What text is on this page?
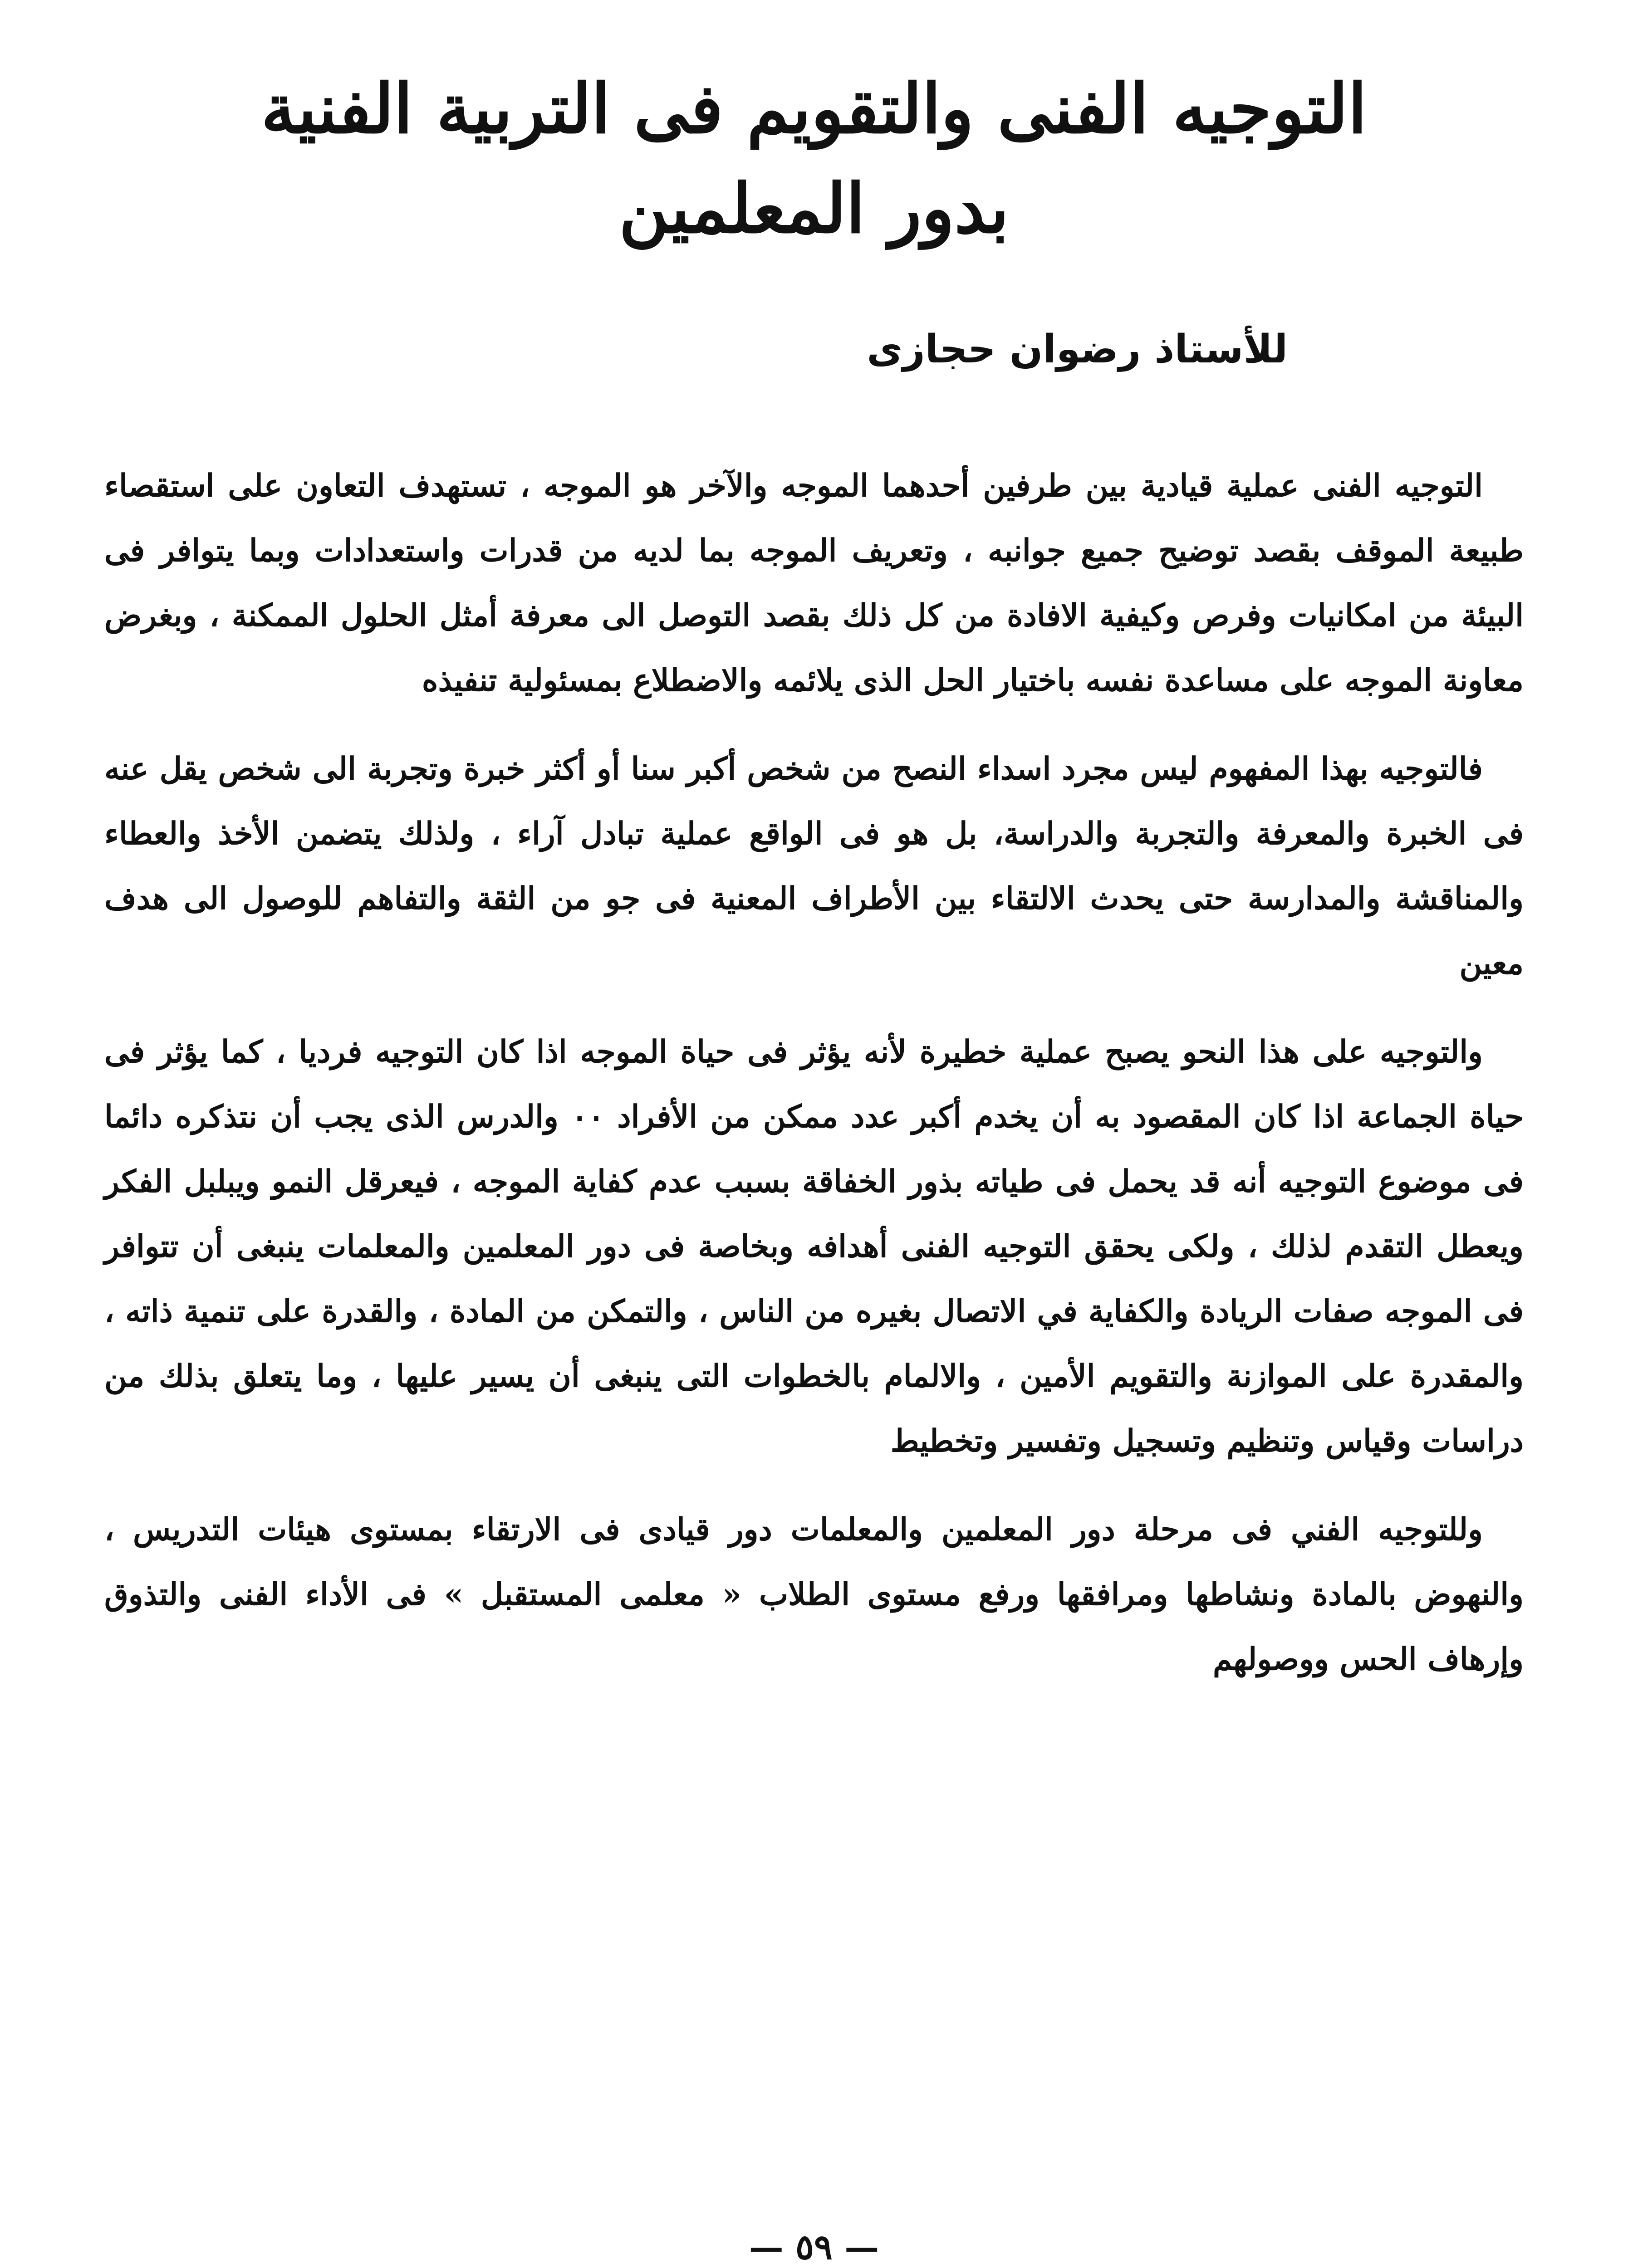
التوجيه الفنى والتقويم فى التربية الفنية
بدور المعلمين
للأستاذ رضوان حجازى

التوجيه الفنى عملية قيادية بين طرفين أحدهما الموجه والآخر هو الموجه ، تستهدف التعاون على استقصاء طبيعة الموقف بقصد توضيح جميع جوانبه ، وتعريف الموجه بما لديه من قدرات واستعدادات وبما يتوافر فى البيئة من امكانيات وفرص وكيفية الافادة من كل ذلك بقصد التوصل الى معرفة أمثل الحلول الممكنة ، وبغرض معاونة الموجه على مساعدة نفسه باختيار الحل الذى يلائمه والاضطلاع بمسئولية تنفيذه

فالتوجيه بهذا المفهوم ليس مجرد اسداء النصح من شخص أكبر سنا أو أكثر خبرة وتجربة الى شخص يقل عنه فى الخبرة والمعرفة والتجربة والدراسة، بل هو فى الواقع عملية تبادل آراء ، ولذلك يتضمن الأخذ والعطاء والمناقشة والمدارسة حتى يحدث الالتقاء بين الأطراف المعنية فى جو من الثقة والتفاهم للوصول الى هدف معين

والتوجيه على هذا النحو يصبح عملية خطيرة لأنه يؤثر فى حياة الموجه اذا كان التوجيه فرديا ، كما يؤثر فى حياة الجماعة اذا كان المقصود به أن يخدم أكبر عدد ممكن من الأفراد ٠٠ والدرس الذى يجب أن نتذكره دائما فى موضوع التوجيه أنه قد يحمل فى طياته بذور الخفاقة بسبب عدم كفاية الموجه ، فيعرقل النمو ويبلبل الفكر ويعطل التقدم لذلك ، ولكى يحقق التوجيه الفنى أهدافه وبخاصة فى دور المعلمين والمعلمات ينبغى أن تتوافر فى الموجه صفات الريادة والكفاية في الاتصال بغيره من الناس ، والتمكن من المادة ، والقدرة على تنمية ذاته ، والمقدرة على الموازنة والتقويم الأمين ، والالمام بالخطوات التى ينبغى أن يسير عليها ، وما يتعلق بذلك من دراسات وقياس وتنظيم وتسجيل وتفسير وتخطيط

وللتوجيه الفني فى مرحلة دور المعلمين والمعلمات دور قيادى فى الارتقاء بمستوى هيئات التدريس ، والنهوض بالمادة ونشاطها ومرافقها ورفع مستوى الطلاب « معلمى المستقبل » فى الأداء الفنى والتذوق وإرهاف الحس ووصولهم

— ٥٩ —
